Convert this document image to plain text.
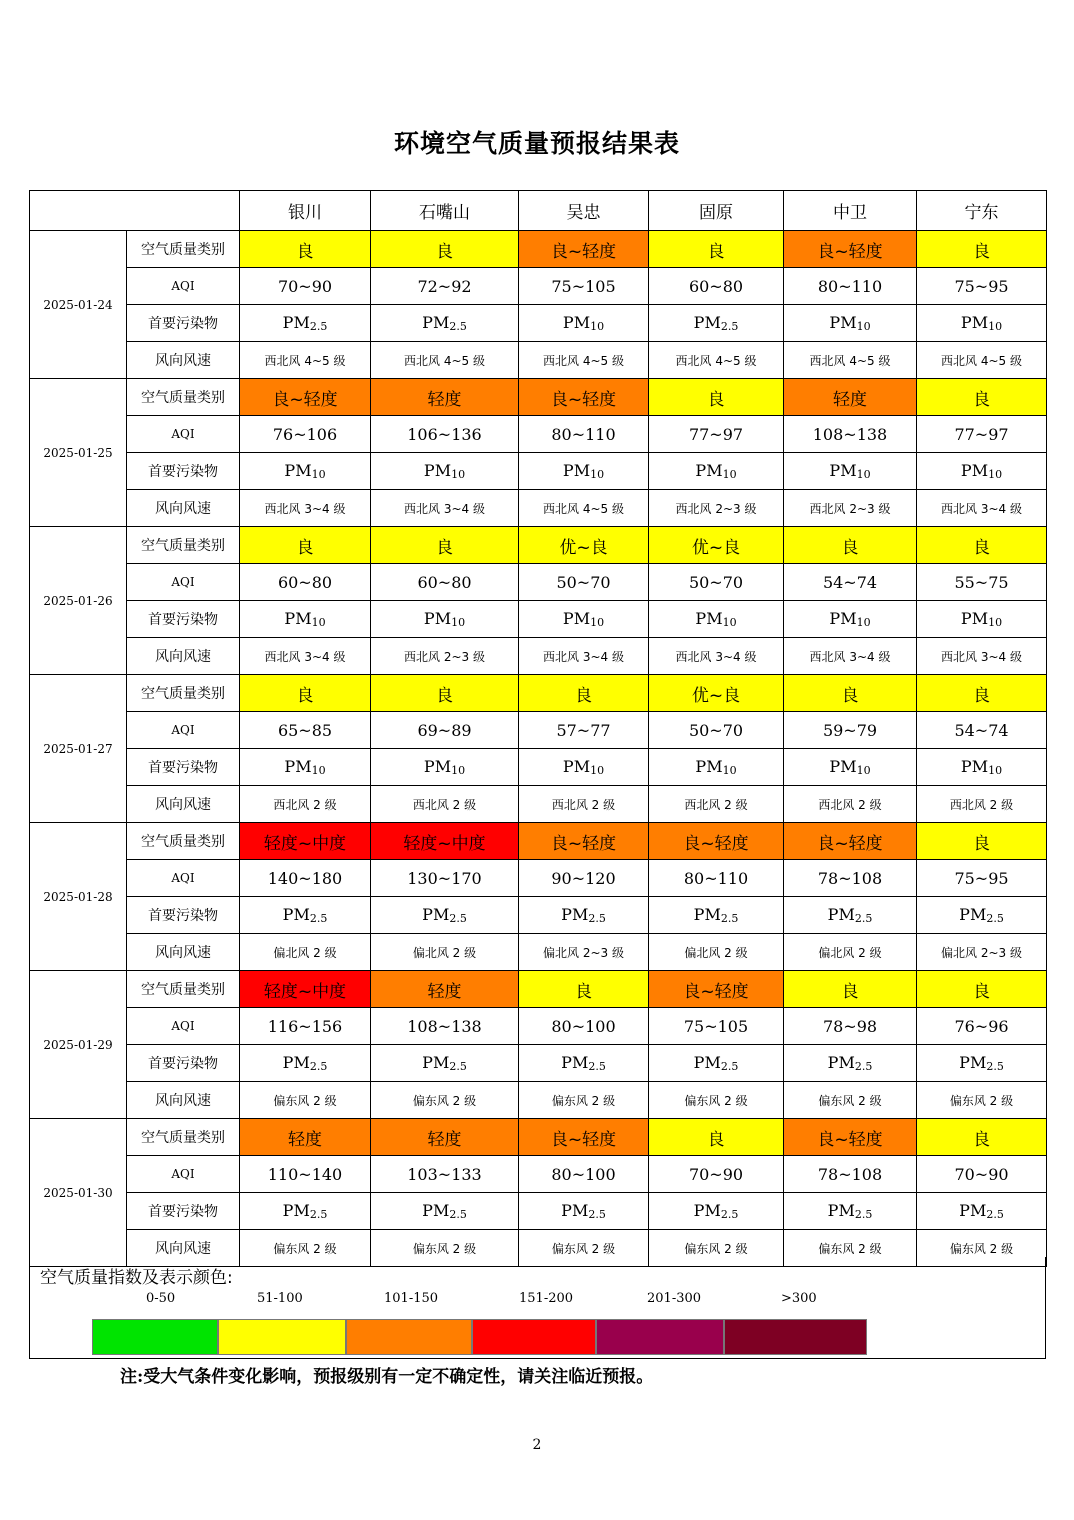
环境空气质量预报结果表
		银川	石嘴山	吴忠	固原	中卫	宁东
2025-01-24	空气质量类别	良	良	良~轻度	良	良~轻度	良
	AQI	70~90	72~92	75~105	60~80	80~110	75~95
	首要污染物	$PM_{2.5}$	$PM_{2.5}$	$PM_{10}$	$PM_{2.5}$	$PM_{10}$	$PM_{10}$
	风向风速	西北风 4~5 级	西北风 4~5 级	西北风 4~5 级	西北风 4~5 级	西北风 4~5 级	西北风 4~5 级
2025-01-25	空气质量类别	良~轻度	轻度	良~轻度	良	轻度	良
	AQI	76~106	106~136	80~110	77~97	108~138	77~97
	首要污染物	$PM_{10}$	$PM_{10}$	$PM_{10}$	$PM_{10}$	$PM_{10}$	$PM_{10}$
	风向风速	西北风 3~4 级	西北风 3~4 级	西北风 4~5 级	西北风 2~3 级	西北风 2~3 级	西北风 3~4 级
2025-01-26	空气质量类别	良	良	优~良	优~良	良	良
	AQI	60~80	60~80	50~70	50~70	54~74	55~75
	首要污染物	$PM_{10}$	$PM_{10}$	$PM_{10}$	$PM_{10}$	$PM_{10}$	$PM_{10}$
	风向风速	西北风 3~4 级	西北风 2~3 级	西北风 3~4 级	西北风 3~4 级	西北风 3~4 级	西北风 3~4 级
2025-01-27	空气质量类别	良	良	良	优~良	良	良
	AQI	65~85	69~89	57~77	50~70	59~79	54~74
	首要污染物	$PM_{10}$	$PM_{10}$	$PM_{10}$	$PM_{10}$	$PM_{10}$	$PM_{10}$
	风向风速	西北风 2 级	西北风 2 级	西北风 2 级	西北风 2 级	西北风 2 级	西北风 2 级
2025-01-28	空气质量类别	轻度~中度	轻度~中度	良~轻度	良~轻度	良~轻度	良
	AQI	140~180	130~170	90~120	80~110	78~108	75~95
	首要污染物	$PM_{2.5}$	$PM_{2.5}$	$PM_{2.5}$	$PM_{2.5}$	$PM_{2.5}$	$PM_{2.5}$
	风向风速	偏北风 2 级	偏北风 2 级	偏北风 2~3 级	偏北风 2 级	偏北风 2 级	偏北风 2~3 级
2025-01-29	空气质量类别	轻度~中度	轻度	良	良~轻度	良	良
	AQI	116~156	108~138	80~100	75~105	78~98	76~96
	首要污染物	$PM_{2.5}$	$PM_{2.5}$	$PM_{2.5}$	$PM_{2.5}$	$PM_{2.5}$	$PM_{2.5}$
	风向风速	偏东风 2 级	偏东风 2 级	偏东风 2 级	偏东风 2 级	偏东风 2 级	偏东风 2 级
2025-01-30	空气质量类别	轻度	轻度	良~轻度	良	良~轻度	良
	AQI	110~140	103~133	80~100	70~90	78~108	70~90
	首要污染物	$PM_{2.5}$	$PM_{2.5}$	$PM_{2.5}$	$PM_{2.5}$	$PM_{2.5}$	$PM_{2.5}$
	风向风速	偏东风 2 级	偏东风 2 级	偏东风 2 级	偏东风 2 级	偏东风 2 级	偏东风 2 级
空气质量指数及表示颜色:
0-50	51-100	101-150	151-200	201-300	>300
注:受大气条件变化影响，预报级别有一定不确定性，请关注临近预报。
2
